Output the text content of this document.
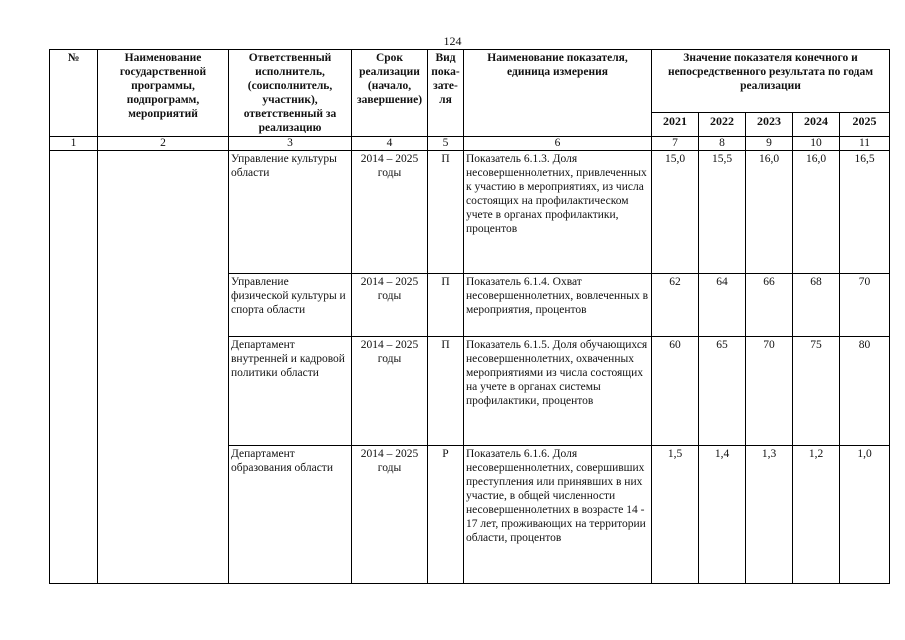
124
№	Наименование государственной программы, подпрограмм, мероприятий	Ответственный исполнитель, (соисполнитель, участник), ответственный за реализацию	Срок реализации (начало, завершение)	Вид пока-зате-ля	Наименование показателя, единица измерения	Значение показателя конечного и непосредственного результата по годам реализации				
						2021	2022	2023	2024	2025
1	2	3	4	5	6	7	8	9	10	11
		Управление культуры области	2014 – 2025 годы	П	Показатель 6.1.3. Доля несовершеннолетних, привлеченных к участию в мероприятиях, из числа состоящих на профилактическом учете в органах профилактики, процентов	15,0	15,5	16,0	16,0	16,5
		Управление физической культуры и спорта области	2014 – 2025 годы	П	Показатель 6.1.4. Охват несовершеннолетних, вовлеченных в мероприятия, процентов	62	64	66	68	70
		Департамент внутренней и кадровой политики области	2014 – 2025 годы	П	Показатель 6.1.5. Доля обучающихся несовершеннолетних, охваченных мероприятиями из числа состоящих на учете в органах системы профилактики, процентов	60	65	70	75	80
		Департамент образования области	2014 – 2025 годы	Р	Показатель 6.1.6. Доля несовершеннолетних, совершивших преступления или принявших в них участие, в общей численности несовершеннолетних в возрасте 14 - 17 лет, проживающих на территории области, процентов	1,5	1,4	1,3	1,2	1,0
